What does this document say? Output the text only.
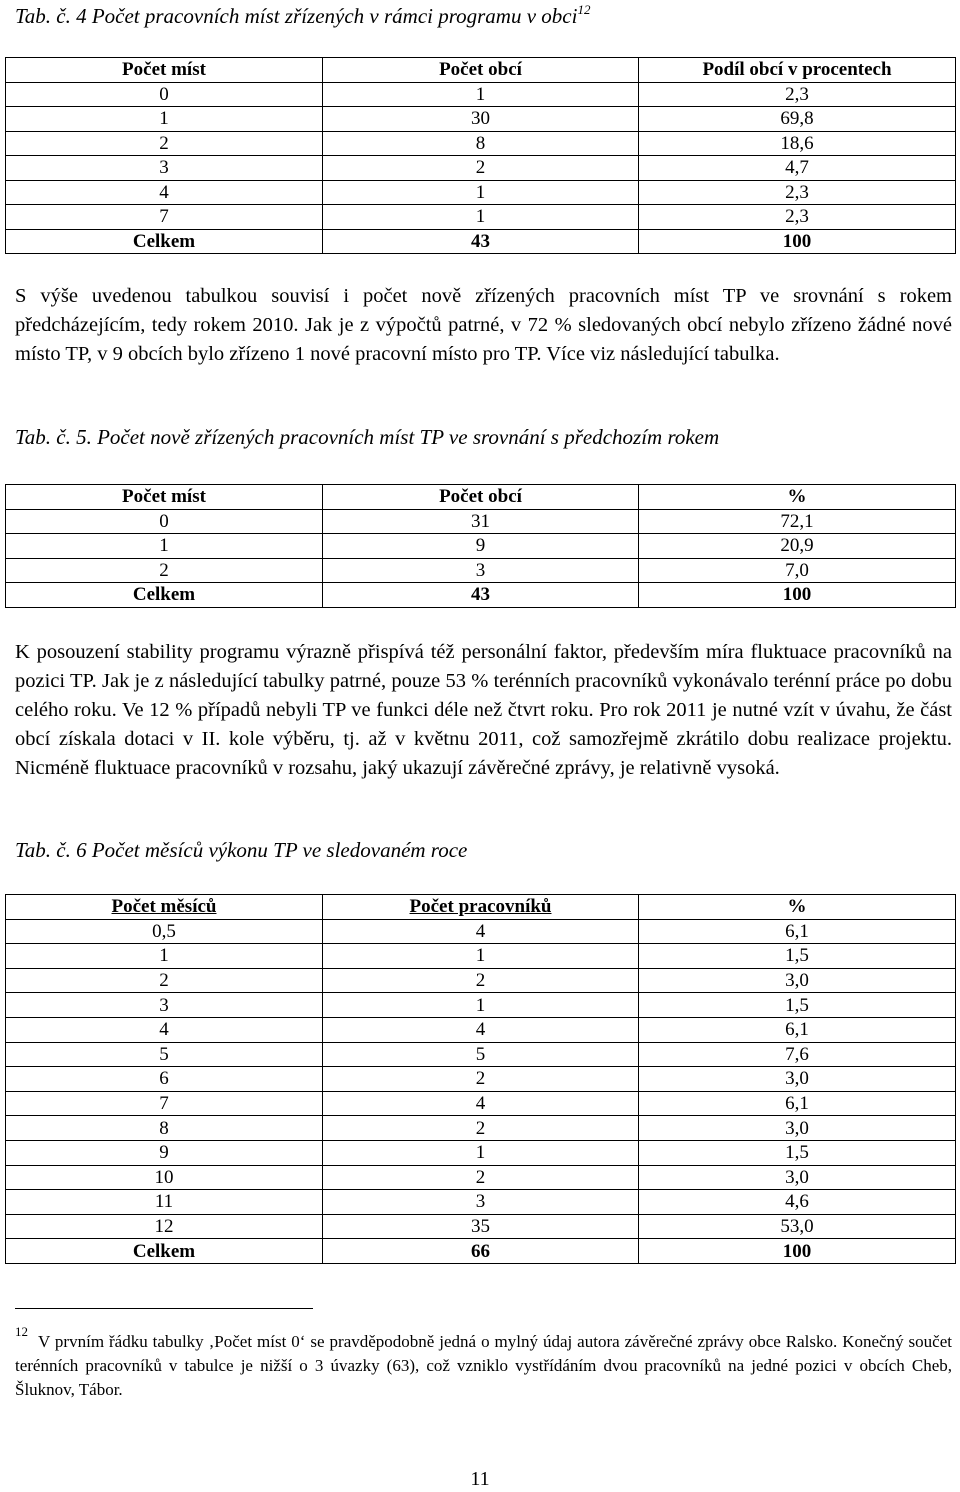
Tab. č. 4 Počet pracovních míst zřízených v rámci programu v obci$^{12}$
Počet míst	Počet obcí	Podíl obcí v procentech
0	1	2,3
1	30	69,8
2	8	18,6
3	2	4,7
4	1	2,3
7	1	2,3
Celkem	43	100

S výše uvedenou tabulkou souvisí i počet nově zřízených pracovních míst TP ve srovnání s rokem předcházejícím, tedy rokem 2010. Jak je z výpočtů patrné, v 72 % sledovaných obcí nebylo zřízeno žádné nové místo TP, v 9 obcích bylo zřízeno 1 nové pracovní místo pro TP. Více viz následující tabulka.

Tab. č. 5. Počet nově zřízených pracovních míst TP ve srovnání s předchozím rokem
Počet míst	Počet obcí	%
0	31	72,1
1	9	20,9
2	3	7,0
Celkem	43	100

K posouzení stability programu výrazně přispívá též personální faktor, především míra fluktuace pracovníků na pozici TP. Jak je z následující tabulky patrné, pouze 53 % terénních pracovníků vykonávalo terénní práce po dobu celého roku. Ve 12 % případů nebyli TP ve funkci déle než čtvrt roku. Pro rok 2011 je nutné vzít v úvahu, že část obcí získala dotaci v II. kole výběru, tj. až v květnu 2011, což samozřejmě zkrátilo dobu realizace projektu. Nicméně fluktuace pracovníků v rozsahu, jaký ukazují závěrečné zprávy, je relativně vysoká.

Tab. č. 6 Počet měsíců výkonu TP ve sledovaném roce
Počet měsíců	Počet pracovníků	%
0,5	4	6,1
1	1	1,5
2	2	3,0
3	1	1,5
4	4	6,1
5	5	7,6
6	2	3,0
7	4	6,1
8	2	3,0
9	1	1,5
10	2	3,0
11	3	4,6
12	35	53,0
Celkem	66	100

$^{12}$V prvním řádku tabulky ‚Počet míst 0‘ se pravděpodobně jedná o mylný údaj autora závěrečné zprávy obce Ralsko. Konečný součet terénních pracovníků v tabulce je nižší o 3 úvazky (63), což vzniklo vystřídáním dvou pracovníků na jedné pozici v obcích Cheb, Šluknov, Tábor.

11
